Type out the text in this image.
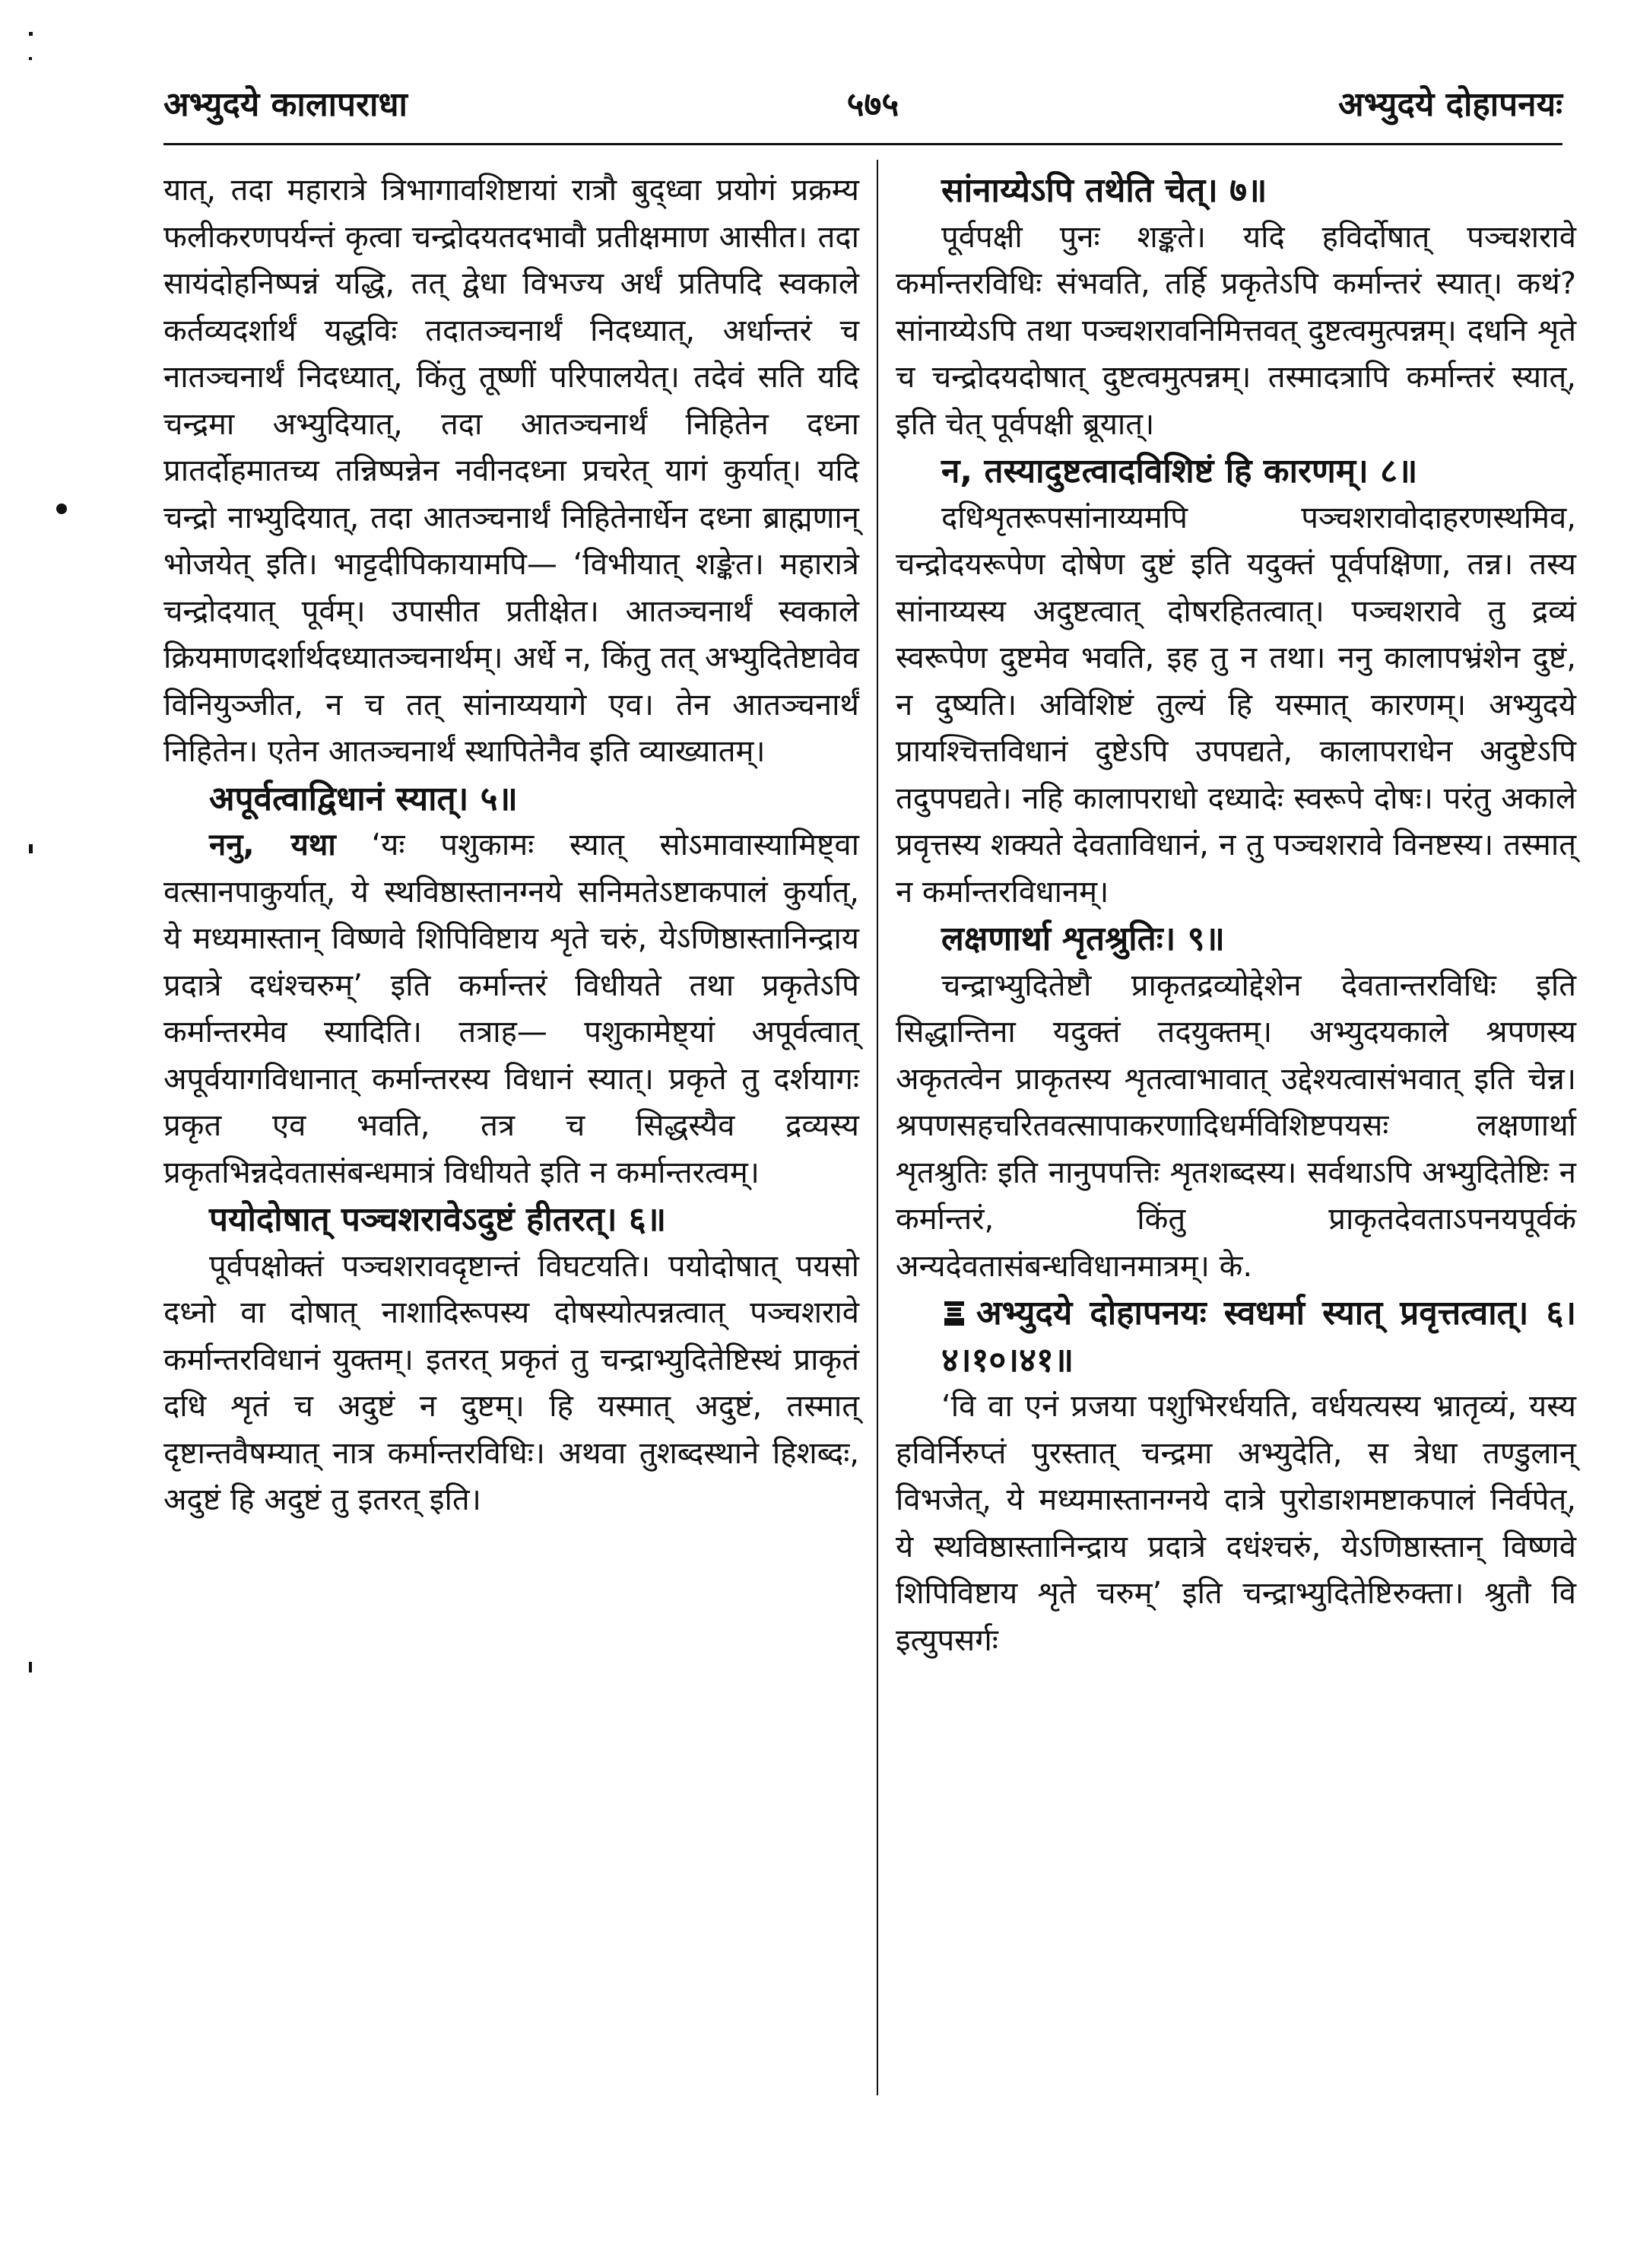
अभ्युदये कालापराधा	५७५	अभ्युदये दोहापनयः

यात्, तदा महारात्रे त्रिभागावशिष्टायां रात्रौ बुद्ध्वा प्रयोगं प्रक्रम्य फलीकरणपर्यन्तं कृत्वा चन्द्रोदयतदभावौ प्रतीक्षमाण आसीत। तदा सायंदोहनिष्पन्नं यद्धि, तत् द्वेधा विभज्य अर्धं प्रतिपदि स्वकाले कर्तव्यदर्शार्थं यद्धविः तदातञ्चनार्थं निदध्यात्, अर्धान्तरं च नातञ्चनार्थं निदध्यात्, किंतु तूष्णीं परिपालयेत्। तदेवं सति यदि चन्द्रमा अभ्युदियात्, तदा आतञ्चनार्थं निहितेन दध्ना प्रातर्दोहमातच्य तन्निष्पन्नेन नवीनदध्ना प्रचरेत् यागं कुर्यात्। यदि चन्द्रो नाभ्युदियात्, तदा आतञ्चनार्थं निहितेनार्धेन दध्ना ब्राह्मणान् भोजयेत् इति। भाट्टदीपिकायामपि— ‘विभीयात् शङ्केत। महारात्रे चन्द्रोदयात् पूर्वम्। उपासीत प्रतीक्षेत। आतञ्चनार्थं स्वकाले क्रियमाणदर्शार्थदध्यातञ्चनार्थम्। अर्धे न, किंतु तत् अभ्युदितेष्टावेव विनियुञ्जीत, न च तत् सांनाय्ययागे एव। तेन आतञ्चनार्थं निहितेन। एतेन आतञ्चनार्थं स्थापितेनैव इति व्याख्यातम्।

अपूर्वत्वाद्विधानं स्यात्। ५॥

ननु, यथा ‘यः पशुकामः स्यात् सोऽमावास्यामिष्ट्वा वत्सानपाकुर्यात्, ये स्थविष्ठास्तानग्नये सनिमतेऽष्टाकपालं कुर्यात्, ये मध्यमास्तान् विष्णवे शिपिविष्टाय शृते चरुं, येऽणिष्ठास्तानिन्द्राय प्रदात्रे दधंश्चरुम्’ इति कर्मान्तरं विधीयते तथा प्रकृतेऽपि कर्मान्तरमेव स्यादिति। तत्राह— पशुकामेष्ट्यां अपूर्वत्वात् अपूर्वयागविधानात् कर्मान्तरस्य विधानं स्यात्। प्रकृते तु दर्शयागः प्रकृत एव भवति, तत्र च सिद्धस्यैव द्रव्यस्य प्रकृतभिन्नदेवतासंबन्धमात्रं विधीयते इति न कर्मान्तरत्वम्।

पयोदोषात् पञ्चशरावेऽदुष्टं हीतरत्। ६॥

पूर्वपक्षोक्तं पञ्चशरावदृष्टान्तं विघटयति। पयोदोषात् पयसो दध्नो वा दोषात् नाशादिरूपस्य दोषस्योत्पन्नत्वात् पञ्चशरावे कर्मान्तरविधानं युक्तम्। इतरत् प्रकृतं तु चन्द्राभ्युदितेष्टिस्थं प्राकृतं दधि शृतं च अदुष्टं न दुष्टम्। हि यस्मात् अदुष्टं, तस्मात् दृष्टान्तवैषम्यात् नात्र कर्मान्तरविधिः। अथवा तुशब्दस्थाने हिशब्दः, अदुष्टं हि अदुष्टं तु इतरत् इति।

सांनाय्येऽपि तथेति चेत्। ७॥

पूर्वपक्षी पुनः शङ्कते। यदि हविर्दोषात् पञ्चशरावे कर्मान्तरविधिः संभवति, तर्हि प्रकृतेऽपि कर्मान्तरं स्यात्। कथं? सांनाय्येऽपि तथा पञ्चशरावनिमित्तवत् दुष्टत्वमुत्पन्नम्। दधनि शृते च चन्द्रोदयदोषात् दुष्टत्वमुत्पन्नम्। तस्मादत्रापि कर्मान्तरं स्यात्, इति चेत् पूर्वपक्षी ब्रूयात्।

न, तस्यादुष्टत्वादविशिष्टं हि कारणम्। ८॥

दधिशृतरूपसांनाय्यमपि पञ्चशरावोदाहरणस्थमिव, चन्द्रोदयरूपेण दोषेण दुष्टं इति यदुक्तं पूर्वपक्षिणा, तन्न। तस्य सांनाय्यस्य अदुष्टत्वात् दोषरहितत्वात्। पञ्चशरावे तु द्रव्यं स्वरूपेण दुष्टमेव भवति, इह तु न तथा। ननु कालापभ्रंशेन दुष्टं, न दुष्यति। अविशिष्टं तुल्यं हि यस्मात् कारणम्। अभ्युदये प्रायश्चित्तविधानं दुष्टेऽपि उपपद्यते, कालापराधेन अदुष्टेऽपि तदुपपद्यते। नहि कालापराधो दध्यादेः स्वरूपे दोषः। परंतु अकाले प्रवृत्तस्य शक्यते देवताविधानं, न तु पञ्चशरावे विनष्टस्य। तस्मात् न कर्मान्तरविधानम्।

लक्षणार्था शृतश्रुतिः। ९॥

चन्द्राभ्युदितेष्टौ प्राकृतद्रव्योद्देशेन देवतान्तरविधिः इति सिद्धान्तिना यदुक्तं तदयुक्तम्। अभ्युदयकाले श्रपणस्य अकृतत्वेन प्राकृतस्य शृतत्वाभावात् उद्देश्यत्वासंभवात् इति चेन्न। श्रपणसहचरितवत्सापाकरणादिधर्मविशिष्टपयसः लक्षणार्था शृतश्रुतिः इति नानुपपत्तिः शृतशब्दस्य। सर्वथाऽपि अभ्युदितेष्टिः न कर्मान्तरं, किंतु प्राकृतदेवताऽपनयपूर्वकं अन्यदेवतासंबन्धविधानमात्रम्। के.

अभ्युदये दोहापनयः स्वधर्मा स्यात् प्रवृत्तत्वात्। ६।४।१०।४१॥

‘वि वा एनं प्रजया पशुभिरर्धयति, वर्धयत्यस्य भ्रातृव्यं, यस्य हविर्निरुप्तं पुरस्तात् चन्द्रमा अभ्युदेति, स त्रेधा तण्डुलान् विभजेत्, ये मध्यमास्तानग्नये दात्रे पुरोडाशमष्टाकपालं निर्वपेत्, ये स्थविष्ठास्तानिन्द्राय प्रदात्रे दधंश्चरुं, येऽणिष्ठास्तान् विष्णवे शिपिविष्टाय शृते चरुम्’ इति चन्द्राभ्युदितेष्टिरुक्ता। श्रुतौ वि इत्युपसर्गः
